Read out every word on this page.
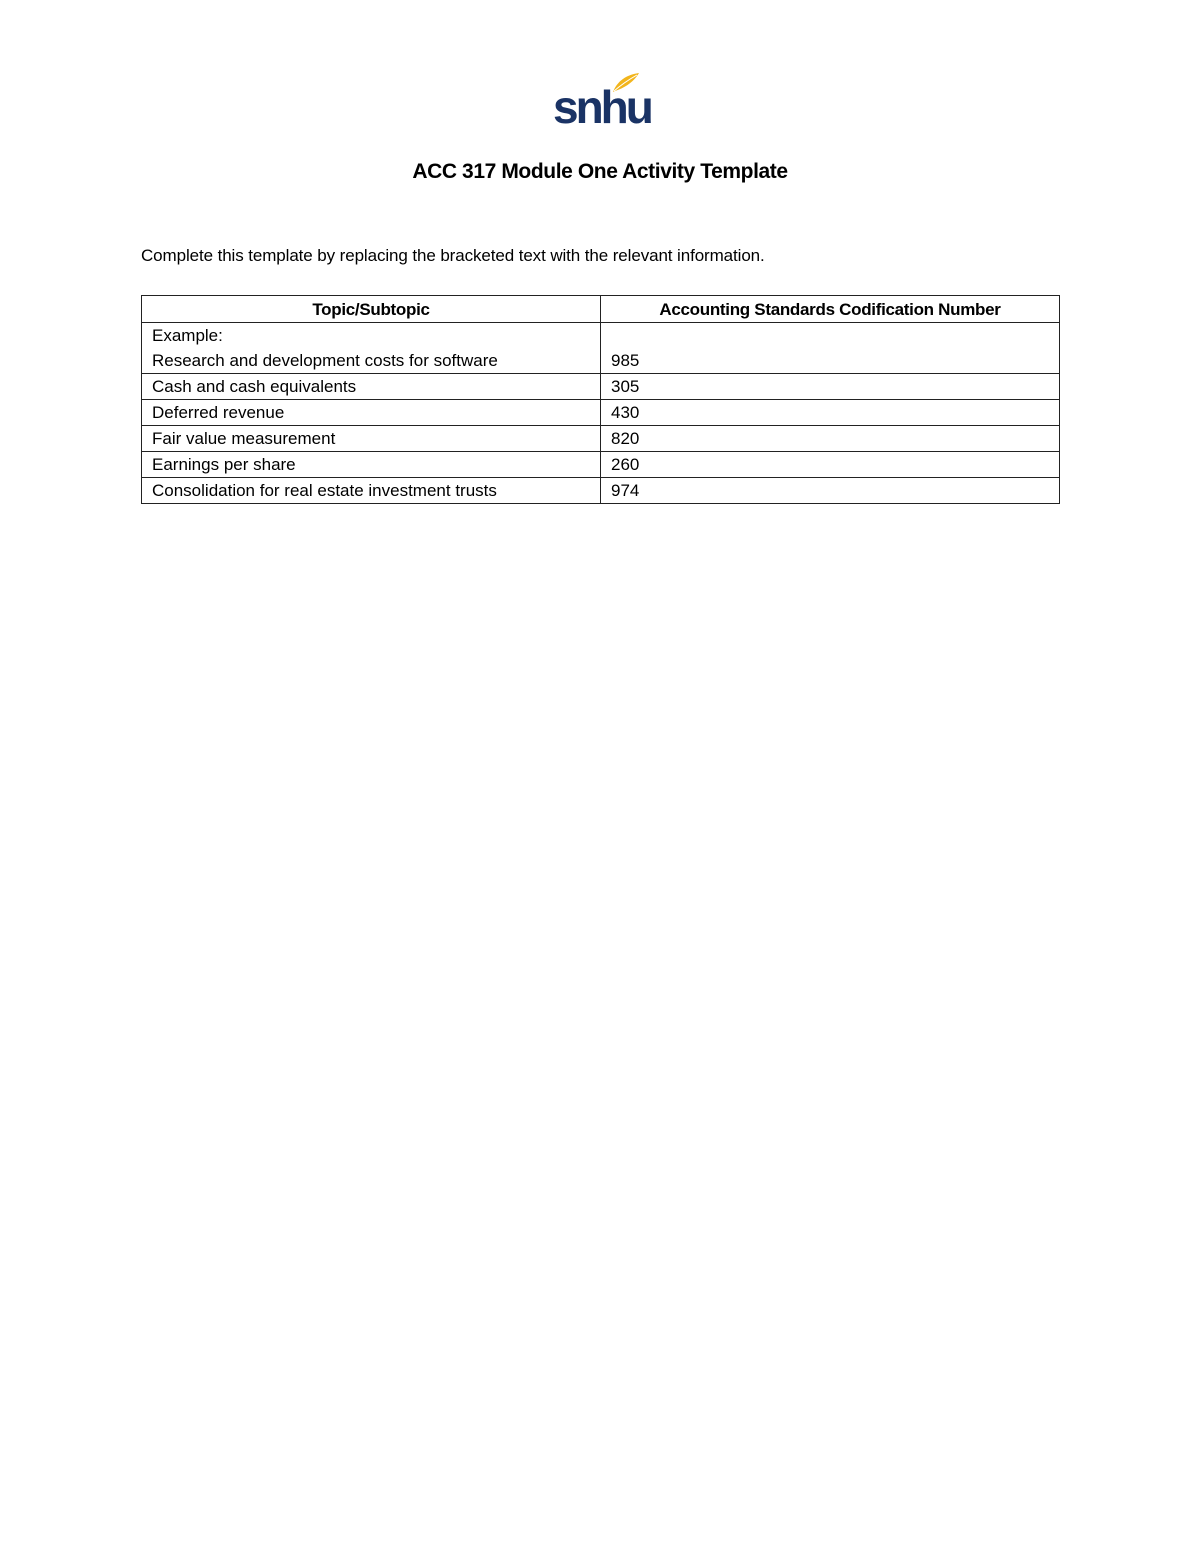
snhu
ACC 317 Module One Activity Template
Complete this template by replacing the bracketed text with the relevant information.
Topic/Subtopic	Accounting Standards Codification Number

Example:
Research and development costs for software	985
Cash and cash equivalents	305
Deferred revenue	430
Fair value measurement	820
Earnings per share	260
Consolidation for real estate investment trusts	974
